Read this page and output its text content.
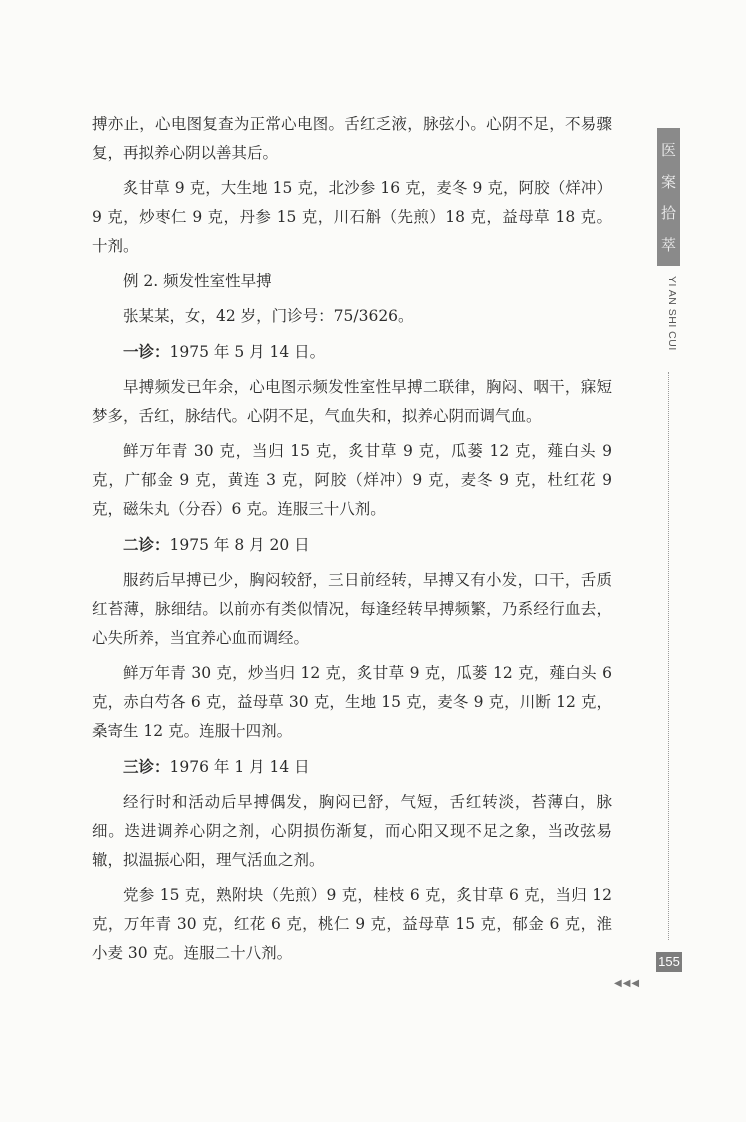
搏亦止，心电图复查为正常心电图。舌红乏液，脉弦小。心阴不足，不易骤复，再拟养心阴以善其后。

炙甘草 9 克，大生地 15 克，北沙参 16 克，麦冬 9 克，阿胶（烊冲）9 克，炒枣仁 9 克，丹参 15 克，川石斛（先煎）18 克，益母草 18 克。十剂。

例 2. 频发性室性早搏

张某某，女，42 岁，门诊号：75/3626。

一诊：1975 年 5 月 14 日。

早搏频发已年余，心电图示频发性室性早搏二联律，胸闷、咽干，寐短梦多，舌红，脉结代。心阴不足，气血失和，拟养心阴而调气血。

鲜万年青 30 克，当归 15 克，炙甘草 9 克，瓜蒌 12 克，薤白头 9 克，广郁金 9 克，黄连 3 克，阿胶（烊冲）9 克，麦冬 9 克，杜红花 9 克，磁朱丸（分吞）6 克。连服三十八剂。

二诊：1975 年 8 月 20 日

服药后早搏已少，胸闷较舒，三日前经转，早搏又有小发，口干，舌质红苔薄，脉细结。以前亦有类似情况，每逢经转早搏频繁，乃系经行血去，心失所养，当宜养心血而调经。

鲜万年青 30 克，炒当归 12 克，炙甘草 9 克，瓜蒌 12 克，薤白头 6 克，赤白芍各 6 克，益母草 30 克，生地 15 克，麦冬 9 克，川断 12 克，桑寄生 12 克。连服十四剂。

三诊：1976 年 1 月 14 日

经行时和活动后早搏偶发，胸闷已舒，气短，舌红转淡，苔薄白，脉细。迭进调养心阴之剂，心阴损伤渐复，而心阳又现不足之象，当改弦易辙，拟温振心阳，理气活血之剂。

党参 15 克，熟附块（先煎）9 克，桂枝 6 克，炙甘草 6 克，当归 12 克，万年青 30 克，红花 6 克，桃仁 9 克，益母草 15 克，郁金 6 克，淮小麦 30 克。连服二十八剂。

医
案
拾
萃
YI AN SHI CUI
155
◀◀◀
